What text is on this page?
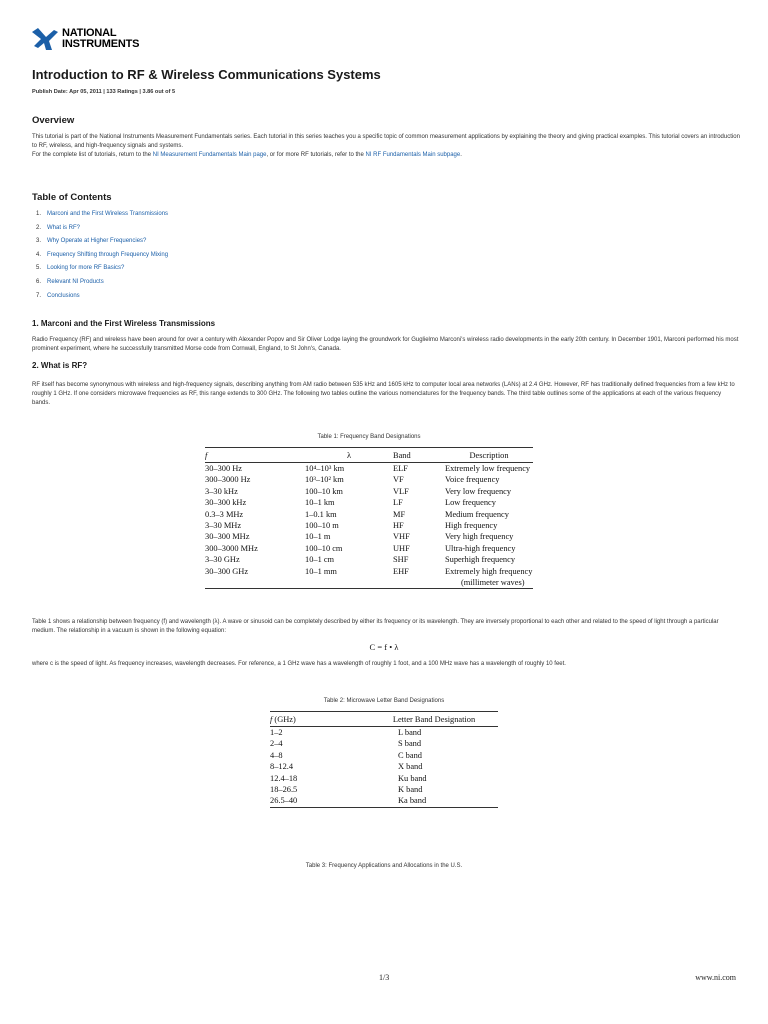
NATIONAL
INSTRUMENTS
Introduction to RF & Wireless Communications Systems
Publish Date: Apr 05, 2011 | 133 Ratings | 3.86 out of 5
Overview

This tutorial is part of the National Instruments Measurement Fundamentals series. Each tutorial in this series teaches you a specific topic of common measurement applications by explaining the theory and giving practical examples. This tutorial covers an introduction to RF, wireless, and high-frequency signals and systems.
For the complete list of tutorials, return to the NI Measurement Fundamentals Main page, or for more RF tutorials, refer to the NI RF Fundamentals Main subpage.

Table of Contents
1. Marconi and the First Wireless Transmissions
2. What is RF?
3. Why Operate at Higher Frequencies?
4. Frequency Shifting through Frequency Mixing
5. Looking for more RF Basics?
6. Relevant NI Products
7. Conclusions
1. Marconi and the First Wireless Transmissions

Radio Frequency (RF) and wireless have been around for over a century with Alexander Popov and Sir Oliver Lodge laying the groundwork for Guglielmo Marconi's wireless radio developments in the early 20th century. In December 1901, Marconi performed his most prominent experiment, where he successfully transmitted Morse code from Cornwall, England, to St John's, Canada.

2. What is RF?

RF itself has become synonymous with wireless and high-frequency signals, describing anything from AM radio between 535 kHz and 1605 kHz to computer local area networks (LANs) at 2.4 GHz. However, RF has traditionally defined frequencies from a few kHz to roughly 1 GHz. If one considers microwave frequencies as RF, this range extends to 300 GHz. The following two tables outline the various nomenclatures for the frequency bands. The third table outlines some of the applications at each of the various frequency bands.

Table 1: Frequency Band Designations
f	λ	Band	Description
30–300 Hz	10⁴–10³ km	ELF	Extremely low frequency
300–3000 Hz	10³–10² km	VF	Voice frequency
3–30 kHz	100–10 km	VLF	Very low frequency
30–300 kHz	10–1 km	LF	Low frequency
0.3–3 MHz	1–0.1 km	MF	Medium frequency
3–30 MHz	100–10 m	HF	High frequency
30–300 MHz	10–1 m	VHF	Very high frequency
300–3000 MHz	100–10 cm	UHF	Ultra-high frequency
3–30 GHz	10–1 cm	SHF	Superhigh frequency
30–300 GHz	10–1 mm	EHF	Extremely high frequency
(millimeter waves)

Table 1 shows a relationship between frequency (f) and wavelength (λ). A wave or sinusoid can be completely described by either its frequency or its wavelength. They are inversely proportional to each other and related to the speed of light through a particular medium. The relationship in a vacuum is shown in the following equation:

C = f • λ

where c is the speed of light. As frequency increases, wavelength decreases. For reference, a 1 GHz wave has a wavelength of roughly 1 foot, and a 100 MHz wave has a wavelength of roughly 10 feet.

Table 2: Microwave Letter Band Designations
f (GHz)	Letter Band Designation
1–2	L band
2–4	S band
4–8	C band
8–12.4	X band
12.4–18	Ku band
18–26.5	K band
26.5–40	Ka band
Table 3: Frequency Applications and Allocations in the U.S.
1/3	www.ni.com
